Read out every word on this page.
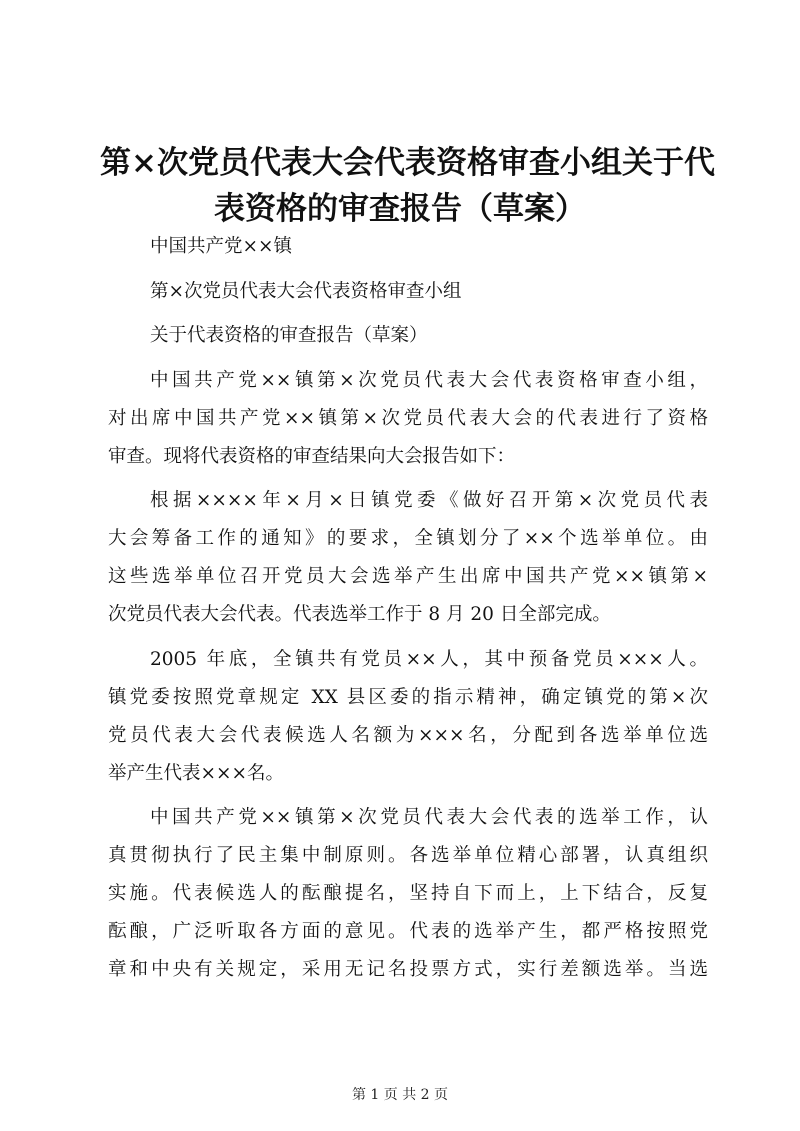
第×次党员代表大会代表资格审查小组关于代
表资格的审查报告（草案）
中国共产党××镇
第×次党员代表大会代表资格审查小组
关于代表资格的审查报告（草案）
中国共产党××镇第×次党员代表大会代表资格审查小组，
对出席中国共产党××镇第×次党员代表大会的代表进行了资格
审查。现将代表资格的审查结果向大会报告如下：
根据××××年×月×日镇党委《做好召开第×次党员代表
大会筹备工作的通知》的要求，全镇划分了××个选举单位。由
这些选举单位召开党员大会选举产生出席中国共产党××镇第×
次党员代表大会代表。代表选举工作于 8 月 20 日全部完成。
2005 年底，全镇共有党员××人，其中预备党员×××人。
镇党委按照党章规定 XX 县区委的指示精神，确定镇党的第×次
党员代表大会代表候选人名额为×××名，分配到各选举单位选
举产生代表×××名。
中国共产党××镇第×次党员代表大会代表的选举工作，认
真贯彻执行了民主集中制原则。各选举单位精心部署，认真组织
实施。代表候选人的酝酿提名，坚持自下而上，上下结合，反复
酝酿，广泛听取各方面的意见。代表的选举产生，都严格按照党
章和中央有关规定，采用无记名投票方式，实行差额选举。当选
第 1 页 共 2 页
